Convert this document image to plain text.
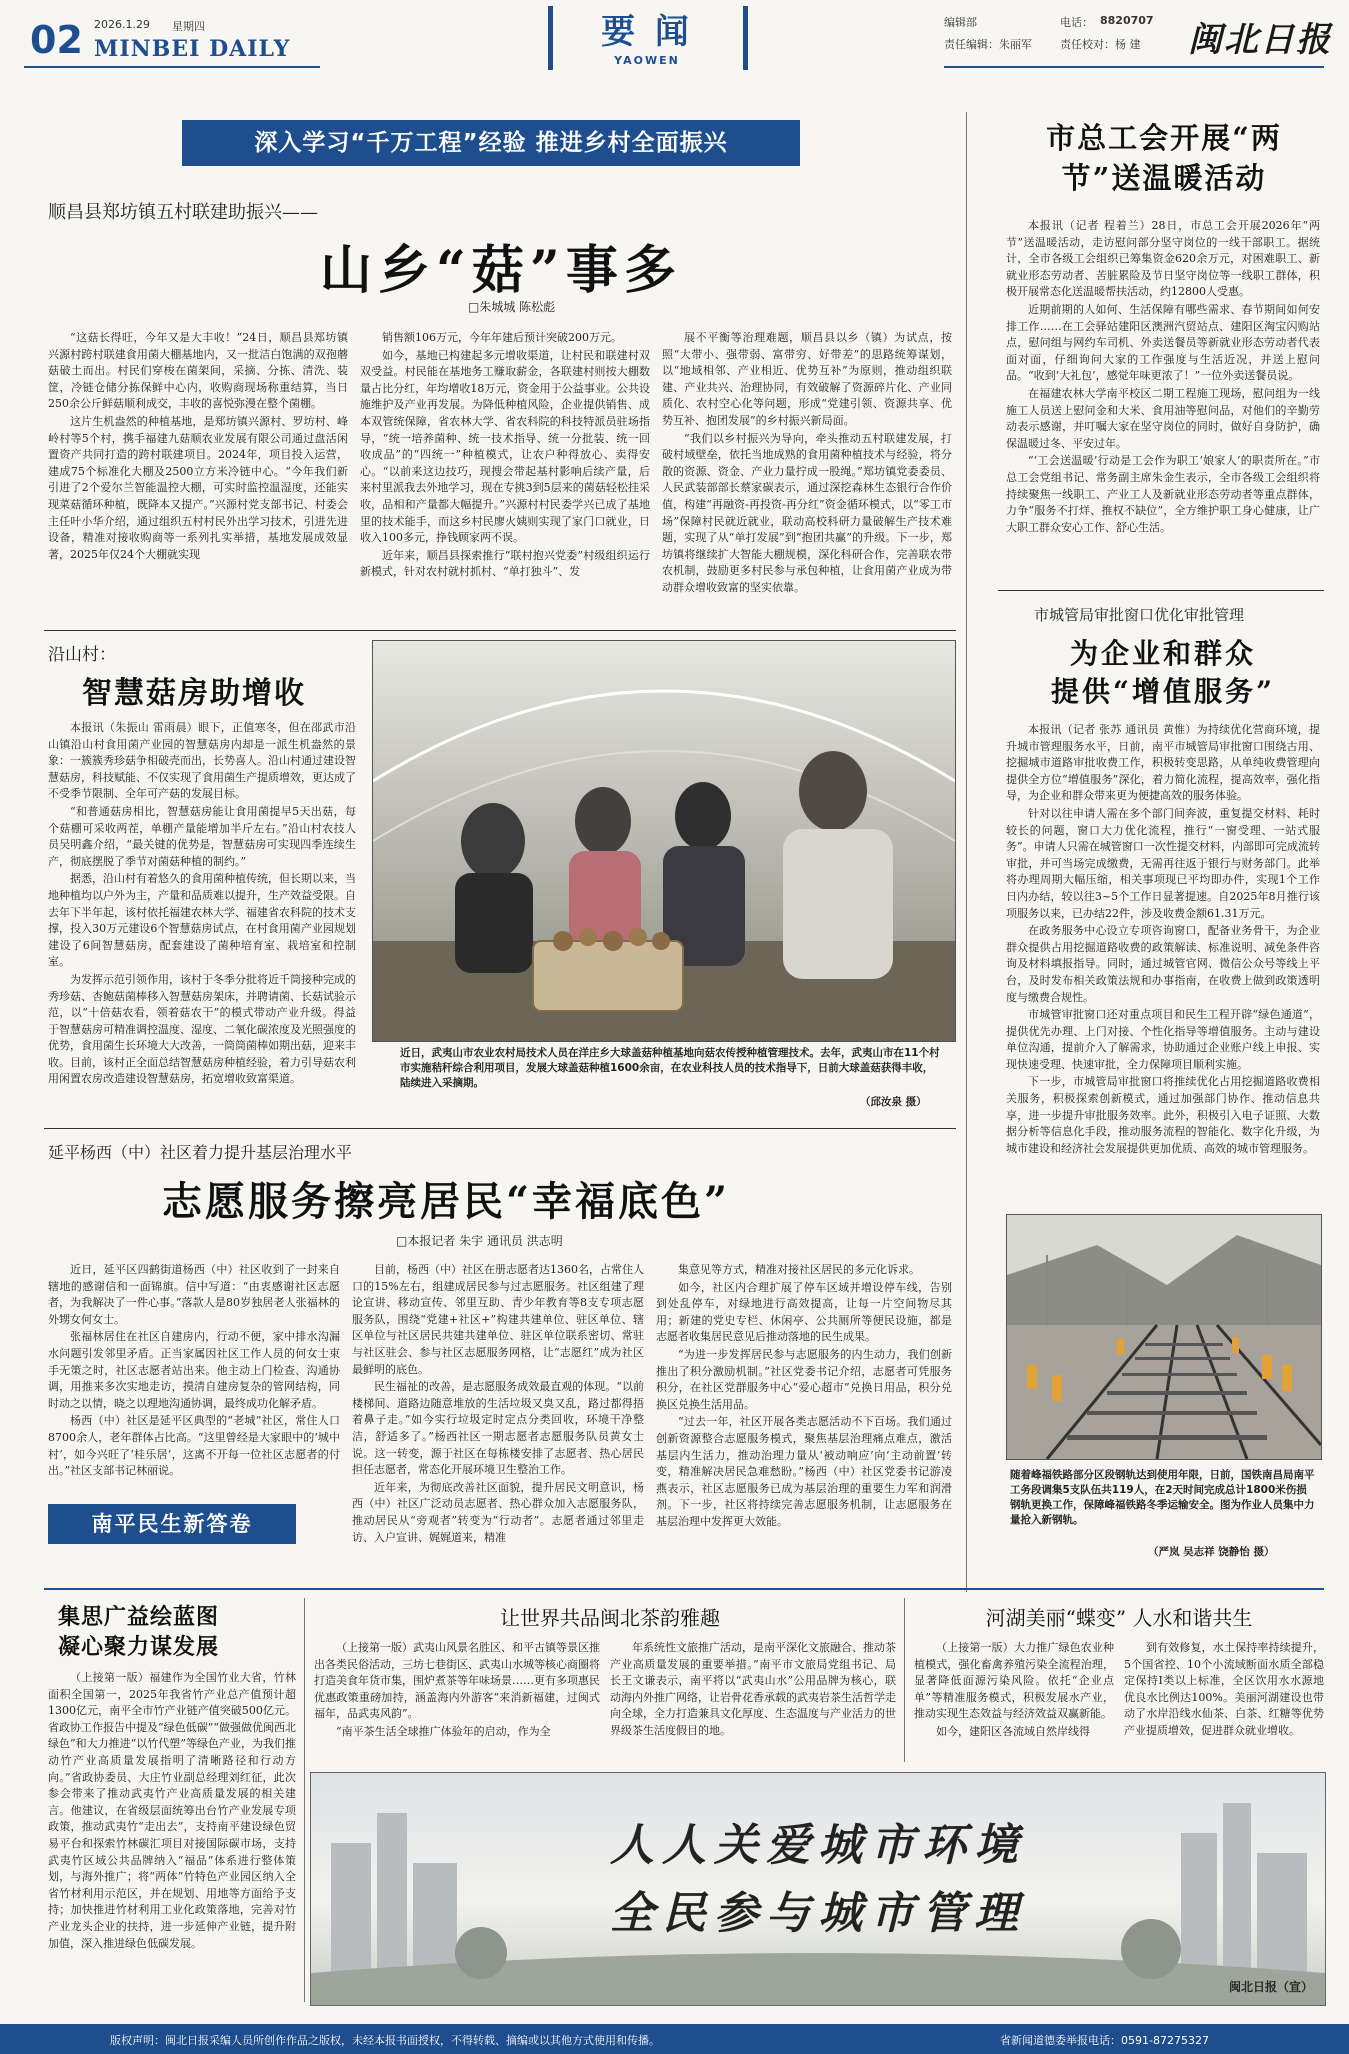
02 2026.1.29 星期四
MINBEI DAILY	要 闻
YAOWEN
编辑部	电话： 8820707
责任编辑：朱丽军	责任校对：杨 建 闽北日报
深入学习“千万工程”经验 推进乡村全面振兴
顺昌县郑坊镇五村联建助振兴——
山乡“菇”事多
□朱城城 陈松彪

“这菇长得旺，今年又是大丰收！”24日，顺昌县郑坊镇兴源村跨村联建食用菌大棚基地内，又一批洁白饱满的双孢蘑菇破土而出。村民们穿梭在菌架间，采摘、分拣、清洗、装筐，冷链仓储分拣保鲜中心内，收购商现场称重结算，当日250余公斤鲜菇顺利成交，丰收的喜悦弥漫在整个菌棚。

这片生机盎然的种植基地，是郑坊镇兴源村、罗坊村、峰岭村等5个村，携手福建九菇顺农业发展有限公司通过盘活闲置资产共同打造的跨村联建项目。2024年，项目投入运营，建成75个标准化大棚及2500立方米冷链中心。“今年我们新引进了2个爱尔兰智能温控大棚，可实时监控温湿度，还能实现菜菇循环种植，既降本又提产。”兴源村党支部书记、村委会主任叶小华介绍，通过组织五村村民外出学习技术，引进先进设备，精准对接收购商等一系列扎实举措，基地发展成效显著，2025年仅24个大棚就实现

销售额106万元，今年年建后预计突破200万元。

如今，基地已构建起多元增收渠道，让村民和联建村双双受益。村民能在基地务工赚取薪金，各联建村则按大棚数量占比分红，年均增收18万元，资金用于公益事业。公共设施维护及产业再发展。为降低种植风险，企业提供销售、成本双管统保障，省农林大学、省农科院的科技特派员驻场指导，“统一培养菌种、统一技术指导、统一分批装、统一回收成品”的“四统一”种植模式，让农户种得放心、卖得安心。“以前来这边技巧，现搜会带起基村影响后续产量，后来村里派我去外地学习，现在专挑3到5层来的菌菇轻松挂采收，品相和产量都大幅提升。”兴源村村民委学兴已成了基地里的技术能手，而这乡村民廖火姨则实现了家门口就业，日收入100多元，挣钱顾家两不误。

近年来，顺昌县探索推行“联村抱兴党委”村级组织运行新模式，针对农村就村抓村、“单打独斗”、发

展不平衡等治理难题，顺昌县以乡（镇）为试点，按照“大带小、强带弱、富带穷、好带差”的思路统筹谋划，以“地域相邻、产业相近、优势互补”为原则，推动组织联建、产业共兴、治理协同，有效破解了资源碎片化、产业同质化、农村空心化等问题，形成“党建引领、资源共享、优势互补、抱团发展”的乡村振兴新局面。

“我们以乡村振兴为导向，牵头推动五村联建发展，打破村域壁垒，依托当地成熟的食用菌种植技术与经验，将分散的资源、资金、产业力量拧成一股绳。”郑坊镇党委委员、人民武装部部长蔡家碳表示，通过深挖森林生态银行合作价值，构建“再融资-再投资-再分红”资金循环模式，以“零工市场”保障村民就近就业，联动高校科研力量破解生产技术难题，实现了从“单打发展”到“抱团共赢”的升级。下一步，郑坊镇将继续扩大智能大棚规模，深化科研合作，完善联农带农机制，鼓励更多村民参与承包种植，让食用菌产业成为带动群众增收致富的坚实依靠。

沿山村：
智慧菇房助增收

本报讯（朱振山 雷雨晨）眼下，正值寒冬，但在邵武市沿山镇沿山村食用菌产业园的智慧菇房内却是一派生机盎然的景象：一簇簇秀珍菇争相破壳而出，长势喜人。沿山村通过建设智慧菇房，科技赋能、不仅实现了食用菌生产提质增效，更达成了不受季节限制、全年可产菇的发展目标。

“和普通菇房相比，智慧菇房能让食用菌提早5天出菇，每个菇棚可采收两茬，单棚产量能增加半斤左右。”沿山村农技人员吴明鑫介绍，“最关键的优势是，智慧菇房可实现四季连续生产，彻底摆脱了季节对菌菇种植的制约。”

据悉，沿山村有着悠久的食用菌种植传统，但长期以来，当地种植均以户外为主，产量和品质难以提升，生产效益受限。自去年下半年起，该村依托福建农林大学、福建省农科院的技术支撑，投入30万元建设6个智慧菇房试点，在村食用菌产业园规划建设了6间智慧菇房，配套建设了菌种培育室、栽培室和控制室。

为发挥示范引领作用，该村于冬季分批将近千筒接种完成的秀珍菇、杏鲍菇菌棒移入智慧菇房架床，并聘请菌、长菇试验示范，以“十倍菇农看，领着菇农干”的模式带动产业升级。得益于智慧菇房可精准调控温度、湿度、二氧化碳浓度及光照强度的优势，食用菌生长环境大大改善，一筒筒菌棒如期出菇，迎来丰收。目前，该村正全面总结智慧菇房种植经验，着力引导菇农利用闲置农房改造建设智慧菇房，拓宽增收致富渠道。

近日，武夷山市农业农村局技术人员在洋庄乡大球盖菇种植基地向菇农传授种植管理技术。去年，武夷山市在11个村市实施秸秆综合利用项目，发展大球盖菇种植1600余亩，在农业科技人员的技术指导下，日前大球盖菇获得丰收，陆续进入采摘期。
（邱汝泉 摄）
延平杨西（中）社区着力提升基层治理水平
志愿服务擦亮居民“幸福底色”
□本报记者 朱宇 通讯员 洪志明

近日，延平区四鹤街道杨西（中）社区收到了一封来自辖地的感谢信和一面锦旗。信中写道：“由衷感谢社区志愿者，为我解决了一件心事。”落款人是80岁独居老人张福林的外甥女何女士。

张福林居住在社区自建房内，行动不便，家中排水沟漏水问题引发邻里矛盾。正当家属因社区工作人员的何女士束手无策之时，社区志愿者站出来。他主动上门检查、沟通协调，用推来多次实地走访，摸清自建房复杂的管网结构，同时动之以情，晓之以理地沟通协调，最终成功化解矛盾。

杨西（中）社区是延平区典型的“老城”社区，常住人口8700余人，老年群体占比高。“这里曾经是大家眼中的‘城中村’，如今兴旺了‘桂乐居’，这离不开每一位社区志愿者的付出。”社区支部书记林丽说。

目前，杨西（中）社区在册志愿者达1360名，占常住人口的15%左右，组建成居民参与过志愿服务。社区组建了理论宣讲、移动宣传、邻里互助、青少年教育等8支专项志愿服务队，围绕“党建+社区+”构建共建单位、驻区单位、辖区单位与社区居民共建共建单位、驻区单位联系密切、常驻与社区驻会、参与社区志愿服务网格，让“志愿红”成为社区最鲜明的底色。

民生福祉的改善，是志愿服务成效最直观的体现。“以前楼梯间、道路边随意堆放的生活垃圾又臭又乱，路过都得捂着鼻子走。”如今实行垃圾定时定点分类回收，环境干净整洁，舒适多了。”杨西社区一期志愿者志愿服务队员黄女士说。这一转变，源于社区在每栋楼安排了志愿者、热心居民担任志愿者，常态化开展环境卫生整治工作。

近年来，为彻底改善社区面貌，提升居民文明意识，杨西（中）社区广泛动员志愿者、热心群众加入志愿服务队，推动居民从“旁观者”转变为“行动者”。志愿者通过邻里走访、入户宣讲、娓娓道来，精准

集意见等方式，精准对接社区居民的多元化诉求。

如今，社区内合理扩展了停车区域并增设停车线，告别到处乱停车，对绿地进行高效提高，让每一片空间物尽其用；新建的党史专栏、休闲亭、公共厕所等便民设施，都是志愿者收集居民意见后推动落地的民生成果。

“为进一步发挥居民参与志愿服务的内生动力，我们创新推出了积分激励机制。”社区党委书记介绍，志愿者可凭服务积分，在社区党群服务中心“爱心超市”兑换日用品，积分兑换区兑换生活用品。

“过去一年，社区开展各类志愿活动不下百场。我们通过创新资源整合志愿服务模式，聚焦基层治理痛点难点，激活基层内生活力，推动治理力量从‘被动响应’向‘主动前置’转变，精准解决居民急难愁盼。”杨西（中）社区党委书记游凌燕表示，社区志愿服务已成为基层治理的重要生力军和润滑剂。下一步，社区将持续完善志愿服务机制，让志愿服务在基层治理中发挥更大效能。

南平民生新答卷
市总工会开展“两节”送温暖活动

本报讯（记者 程着兰）28日，市总工会开展2026年“两节”送温暖活动，走访慰问部分坚守岗位的一线干部职工。据统计，全市各级工会组织已筹集资金620余万元，对困难职工、新就业形态劳动者、苦脏累险及节日坚守岗位等一线职工群体，积极开展常态化送温暖帮扶活动，约12800人受惠。

近期前期的人如何、生活保障有哪些需求、春节期间如何安排工作……在工会驿站建阳区澳洲汽贸站点、建阳区淘宝闪购站点，慰问组与网约车司机、外卖送餐员等新就业形态劳动者代表面对面，仔细询问大家的工作强度与生活近况，并送上慰问品。“收到‘大礼包’，感觉年味更浓了！”一位外卖送餐员说。

在福建农林大学南平校区二期工程施工现场，慰问组为一线施工人员送上慰问金和大米、食用油等慰问品，对他们的辛勤劳动表示感谢，并叮嘱大家在坚守岗位的同时，做好自身防护，确保温暖过冬、平安过年。

“‘工会送温暖’行动是工会作为职工‘娘家人’的职责所在。”市总工会党组书记、常务副主席朱金生表示，全市各级工会组织将持续聚焦一线职工、产业工人及新就业形态劳动者等重点群体，力争“服务不打烊、推权不缺位”，全方维护职工身心健康，让广大职工群众安心工作、舒心生活。

市城管局审批窗口优化审批管理
为企业和群众
提供“增值服务”

本报讯（记者 张苏 通讯员 黄惟）为持续优化营商环境，提升城市管理服务水平，日前，南平市城管局审批窗口围绕古用、挖掘城市道路审批收费工作，积极转变思路，从单纯收费管理向提供全方位“增值服务”深化，着力简化流程，提高效率，强化指导，为企业和群众带来更为便捷高效的服务体验。

针对以往申请人需在多个部门间奔波，重复提交材料、耗时较长的问题，窗口大力优化流程，推行“一窗受理、一站式服务”。申请人只需在城管窗口一次性提交材料，内部即可完成流转审批，并可当场完成缴费，无需再往返于银行与财务部门。此举将办理周期大幅压缩，相关事项现已平均即办件，实现1个工作日内办结，较以往3~5个工作日显著提速。自2025年8月推行该项服务以来，已办结22件，涉及收费金额61.31万元。

在政务服务中心设立专项咨询窗口，配备业务骨干，为企业群众提供占用挖掘道路收费的政策解读、标准说明、减免条件咨询及材料填报指导。同时，通过城管官网、微信公众号等线上平台，及时发布相关政策法规和办事指南，在收费上做到政策透明度与缴费合规性。

市城管审批窗口还对重点项目和民生工程开辟“绿色通道”，提供优先办理、上门对接、个性化指导等增值服务。主动与建设单位沟通，提前介入了解需求，协助通过企业账户线上申报、实现快速受理、快速审批，全力保障项目顺利实施。

下一步，市城管局审批窗口将推续优化占用挖掘道路收费相关服务，积极探索创新模式，通过加强部门协作、推动信息共享，进一步提升审批服务效率。此外，积极引入电子证照、大数据分析等信息化手段，推动服务流程的智能化、数字化升级，为城市建设和经济社会发展提供更加优质、高效的城市管理服务。

随着峰福铁路部分区段钢轨达到使用年限，日前，国铁南昌局南平工务段调集5支队伍共119人，在2天时间完成总计1800米伤损钢轨更换工作，保障峰福铁路冬季运输安全。图为作业人员集中力量抢入新钢轨。
（严岚 吴志祥 饶静怡 摄）
集思广益绘蓝图
凝心聚力谋发展

（上接第一版）福建作为全国竹业大省，竹林面积全国第一，2025年我省竹产业总产值预计超1300亿元，南平全市竹产业链产值突破500亿元。省政协工作报告中提及“绿色低碳”“做强做优闽西北绿色”和大力推进“以竹代塑”等绿色产业，为我们推动竹产业高质量发展指明了清晰路径和行动方向。”省政协委员、大庄竹业副总经理刘红征，此次参会带来了推动武夷竹产业高质量发展的相关建言。他建议，在省级层面统筹出台竹产业发展专项政策，推动武夷竹“走出去”，支持南平建设绿色贸易平台和探索竹林碳汇项目对接国际碳市场，支持武夷竹区域公共品牌纳入“福品”体系进行整体策划，与海外推广；将“两体”竹特色产业园区纳入全省竹材利用示范区，并在规划、用地等方面给予支持；加快推进竹材利用工业化政策落地，完善对竹产业龙头企业的扶持，进一步延伸产业链，提升附加值，深入推进绿色低碳发展。

让世界共品闽北茶韵雅趣

（上接第一版）武夷山风景名胜区、和平古镇等景区推出各类民俗活动，三坊七巷街区、武夷山水城等核心商圈将打造美食年货市集，围炉煮茶等年味场景……更有多项惠民优惠政策重磅加持，涵盖海内外游客“来消新福建，过闽式福年，品武夷风韵”。

“南平茶生活全球推广体验年的启动，作为全

年系统性文旅推广活动，是南平深化文旅融合、推动茶产业高质量发展的重要举措。”南平市文旅局党组书记、局长王文谦表示，南平将以“武夷山水”公用品牌为核心，联动海内外推广网络，让岩骨花香承载的武夷岩茶生活哲学走向全球，全力打造兼具文化厚度、生态温度与产业活力的世界级茶生活度假目的地。

河湖美丽“蝶变” 人水和谐共生

（上接第一版）大力推广绿色农业种植模式，强化畜禽养殖污染全流程治理，显著降低面源污染风险。依托“企业点单”等精准服务模式，积极发展水产业，推动实现生态效益与经济效益双赢新能。

如今，建阳区各流域自然岸线得

到有效修复，水土保持率持续提升，5个国省控、10个小流域断面水质全部稳定保持Ⅰ类以上标准，全区饮用水水源地优良水比例达100%。美丽河湖建设也带动了水岸沿线水仙茶、白茶、红糖等优势产业提质增效，促进群众就业增收。

人人关爱城市环境
全民参与城市管理
闽北日报（宣）
版权声明：闽北日报采编人员所创作作品之版权，未经本报书面授权，不得转载、摘编或以其他方式使用和传播。	省新闻道德委举报电话：0591-87275327
